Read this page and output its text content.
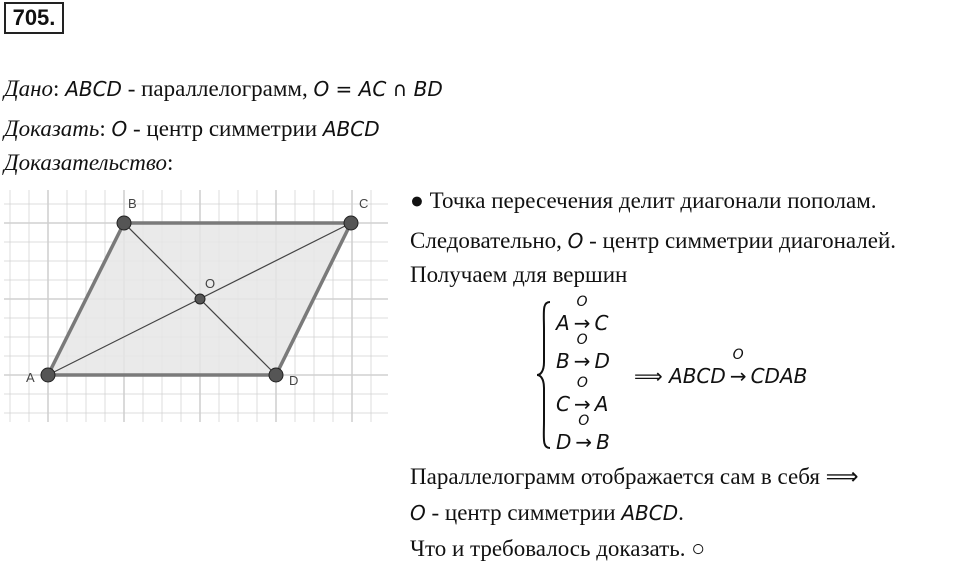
705.
Дано: ABCD - параллелограмм, O = AC ∩ BD
Доказать: O - центр симметрии ABCD
Доказательство:
A
B	C
D
O
● Точка пересечения делит диагонали пополам.
Следовательно, O - центр симметрии диагоналей.
Получаем для вершин
A →
O
C
B →
O
D
C →
O
A
D →
O
B
⟹ ABCD →
O
CDAB
Параллелограмм отображается сам в себя ⟹
O - центр симметрии ABCD.
Что и требовалось доказать. ○
